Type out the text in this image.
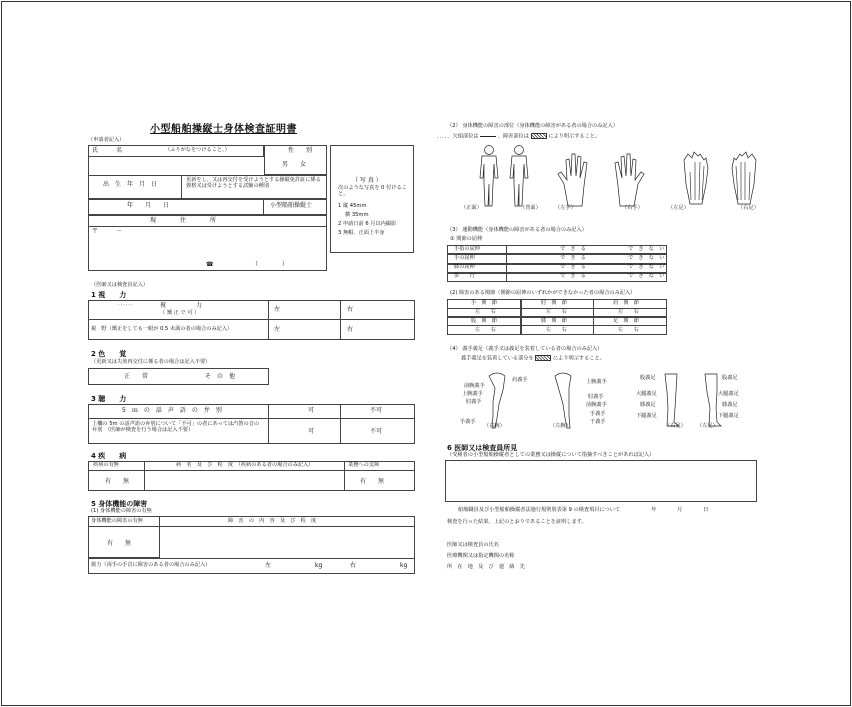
小型船舶操縦士身体検査証明書
（申請者記入）
氏　　　名	（ふりがなをつけること。）	性　　別
男　　女
出　生　年　月　日
更新をし、又は再交付を受けようとする操縦免許証に係る資格又は受けようとする試験の種別
年　　月　　日	小型船舶操縦士
現　　　　住　　　　所
〒　　　－
☎	（　　　　）
（ 写 真 ）
次のような写真を 0 付けること。
1 縦 45mm
横 35mm
2 申請日前 6 月以内撮影
3 無帽、正面上半身
（医師又は検査員記入）
1 視　　力
．．．．．．	視　　　　　力
（ 矯 正 で 可 ）	左	右
視　野（矯正をしても一眼が 0.5 未満の者の場合のみ記入）	左	右
2 色　　覚
（更新又は失効再交付に係る者の場合は記入不要）
正　　常	そ　の　他
3 聴　　力
5　ｍ　の　話　声　語　の　弁　別	可	不可
上欄の 5m の話声語の弁別について「不可」の者にあっては汽笛の音の弁別　（医師が検査を行う場合は記入不要）	可	不可
4 疾　　病
疾病の有無	病　名　及　び　程　度　（疾病のある者の場合のみ記入）	業務への支障
有　　無	有　　無
5 身体機能の障害
(1) 身体機能の障害の有無
身体機能の障害の有無	障　害　の　内　容　及　び　程　度
有　　無
握力（両手の手首に障害のある者の場合のみ記入）	左	kg	右	kg
（2） 身体機能の障害の部位（身体機能の障害がある者の場合のみ記入）
．．．．．欠損部位は	、障害部位は	により明示すること。
（正面）	（背面）	（左手）	（右手）	（左足）	（右足）
（3） 運動機能（身体機能の障害がある者の場合のみ記入）
① 関節の屈伸
手指の屈伸	で　き　る	で　き　な　い
手の屈伸	で　き　る	で　き　な　い
膝の屈伸	で　き　る	で　き　な　い
歩　　行	で　き　る	で　き　な　い
(2) 障害のある関節（関節の屈伸のいずれかができなかった者の場合のみ記入）
手　関　節	肘　関　節	肩　関　節
左　　右	左　　右	左　　右
股　関　節	膝　関　節	足　関　節
左　　右	左　　右	左　　右
（4） 義手義足（義手又は義足を装着している者の場合のみ記入）
義手義足を装着している部分を	により明示すること。
前腕義手
上腕義手
肘義手
手義手
肩義手	上腕義手
肘義手
前腕義手
手義手
千義手
股義足
大腿義足
膝義足
下腿義足
股義足
大腿義足
膝義足
下腿義足
（右腕）	（左腕）	（右足） （左足）
6 医師又は検査員所見
（受検者の小型船舶操縦者としての業務又は操縦について指摘すべきことがあれば記入）
船舶職員及び小型船舶操縦者法施行規則別表第 9 の検査項目について　　　　　　年　　　　月　　　　日
検査を行った結果、上記のとおりであることを証明します。
医師又は検査員の氏名
医療機関又は指定機関の名称
所　在　地　及　び　連　絡　先
